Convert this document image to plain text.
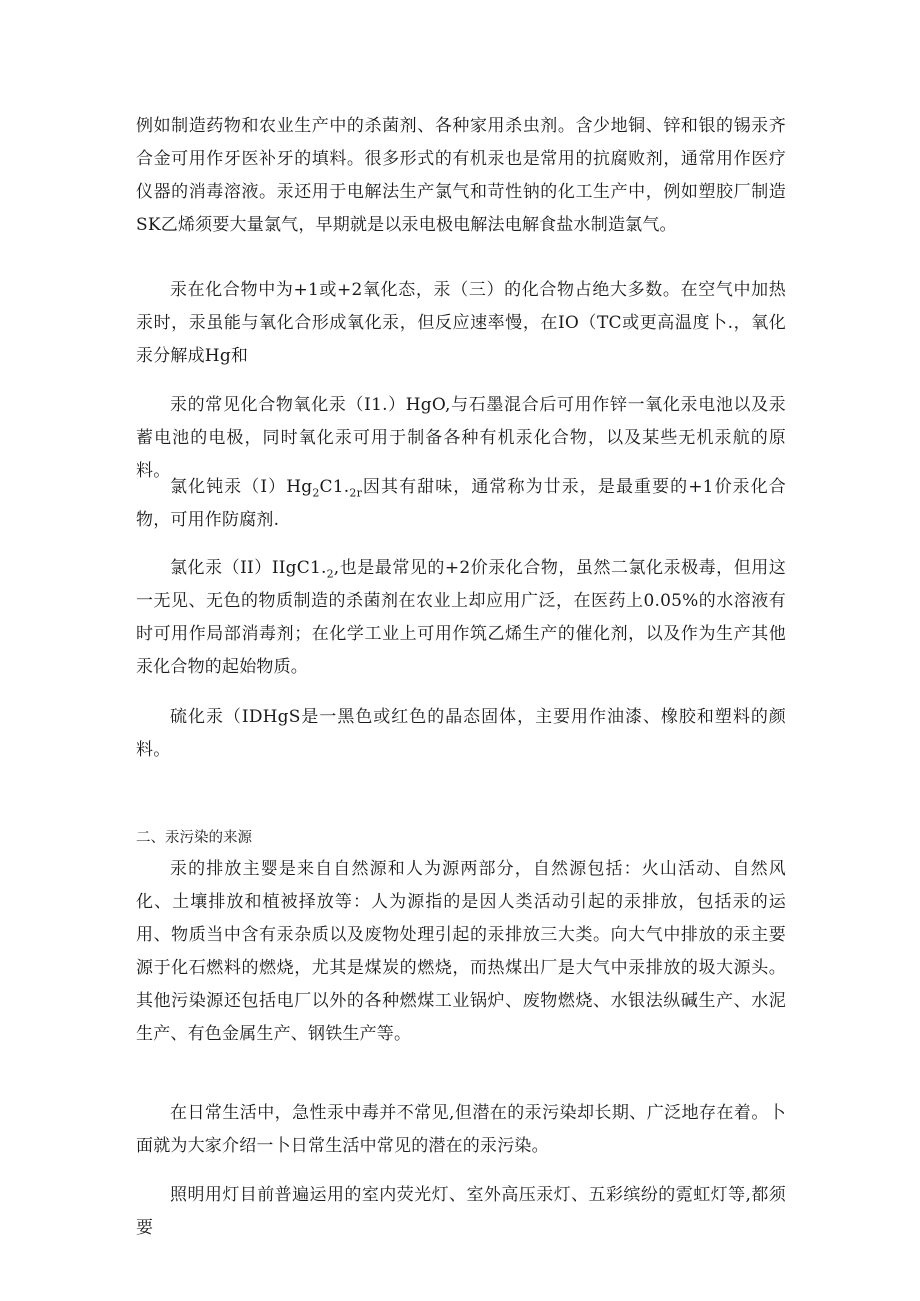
例如制造药物和农业生产中的杀菌剂、各种家用杀虫剂。含少地铜、锌和银的锡汞齐合金可用作牙医补牙的填料。很多形式的有机汞也是常用的抗腐败剂，通常用作医疗仪器的消毒溶液。汞还用于电解法生产氯气和苛性钠的化工生产中，例如塑胶厂制造SK乙烯须要大量氯气，早期就是以汞电极电解法电解食盐水制造氯气。

汞在化合物中为+1或+2氧化态，汞（三）的化合物占绝大多数。在空气中加热汞时，汞虽能与氧化合形成氧化汞，但反应速率慢，在IO（TC或更高温度卜.，氧化汞分解成Hg和

汞的常见化合物氧化汞（I1.）HgO,与石墨混合后可用作锌一氧化汞电池以及汞蓄电池的电极，同时氧化汞可用于制备各种有机汞化合物，以及某些无机汞航的原料。

氯化钝汞$(I)Hg_2C1._{2r}$因其有甜味，通常称为廿汞，是最重要的+1价汞化合物，可用作防腐剂.

氯化汞$(II)IIgC1._2$,也是最常见的+2价汞化合物，虽然二氯化汞极毒，但用这一无见、无色的物质制造的杀菌剂在农业上却应用广泛，在医药上0.05%的水溶液有时可用作局部消毒剂；在化学工业上可用作筑乙烯生产的催化剂，以及作为生产其他汞化合物的起始物质。

硫化汞（IDHgS是一黑色或红色的晶态固体，主要用作油漆、橡胶和塑料的颜料。

二、汞污染的来源

汞的排放主婴是来自自然源和人为源两部分，自然源包括：火山活动、自然风化、土壤排放和植被择放等：人为源指的是因人类活动引起的汞排放，包括汞的运用、物质当中含有汞杂质以及废物处理引起的汞排放三大类。向大气中排放的汞主要源于化石燃料的燃烧，尤其是煤炭的燃烧，而热煤出厂是大气中汞排放的圾大源头。其他污染源还包括电厂以外的各种燃煤工业锅炉、废物燃烧、水银法纵碱生产、水泥生产、有色金属生产、钢铁生产等。

在日常生活中，急性汞中毒并不常见,但潜在的汞污染却长期、广泛地存在着。卜面就为大家介绍一卜日常生活中常见的潜在的汞污染。

照明用灯目前普遍运用的室内荧光灯、室外高压汞灯、五彩缤纷的霓虹灯等,都须要
